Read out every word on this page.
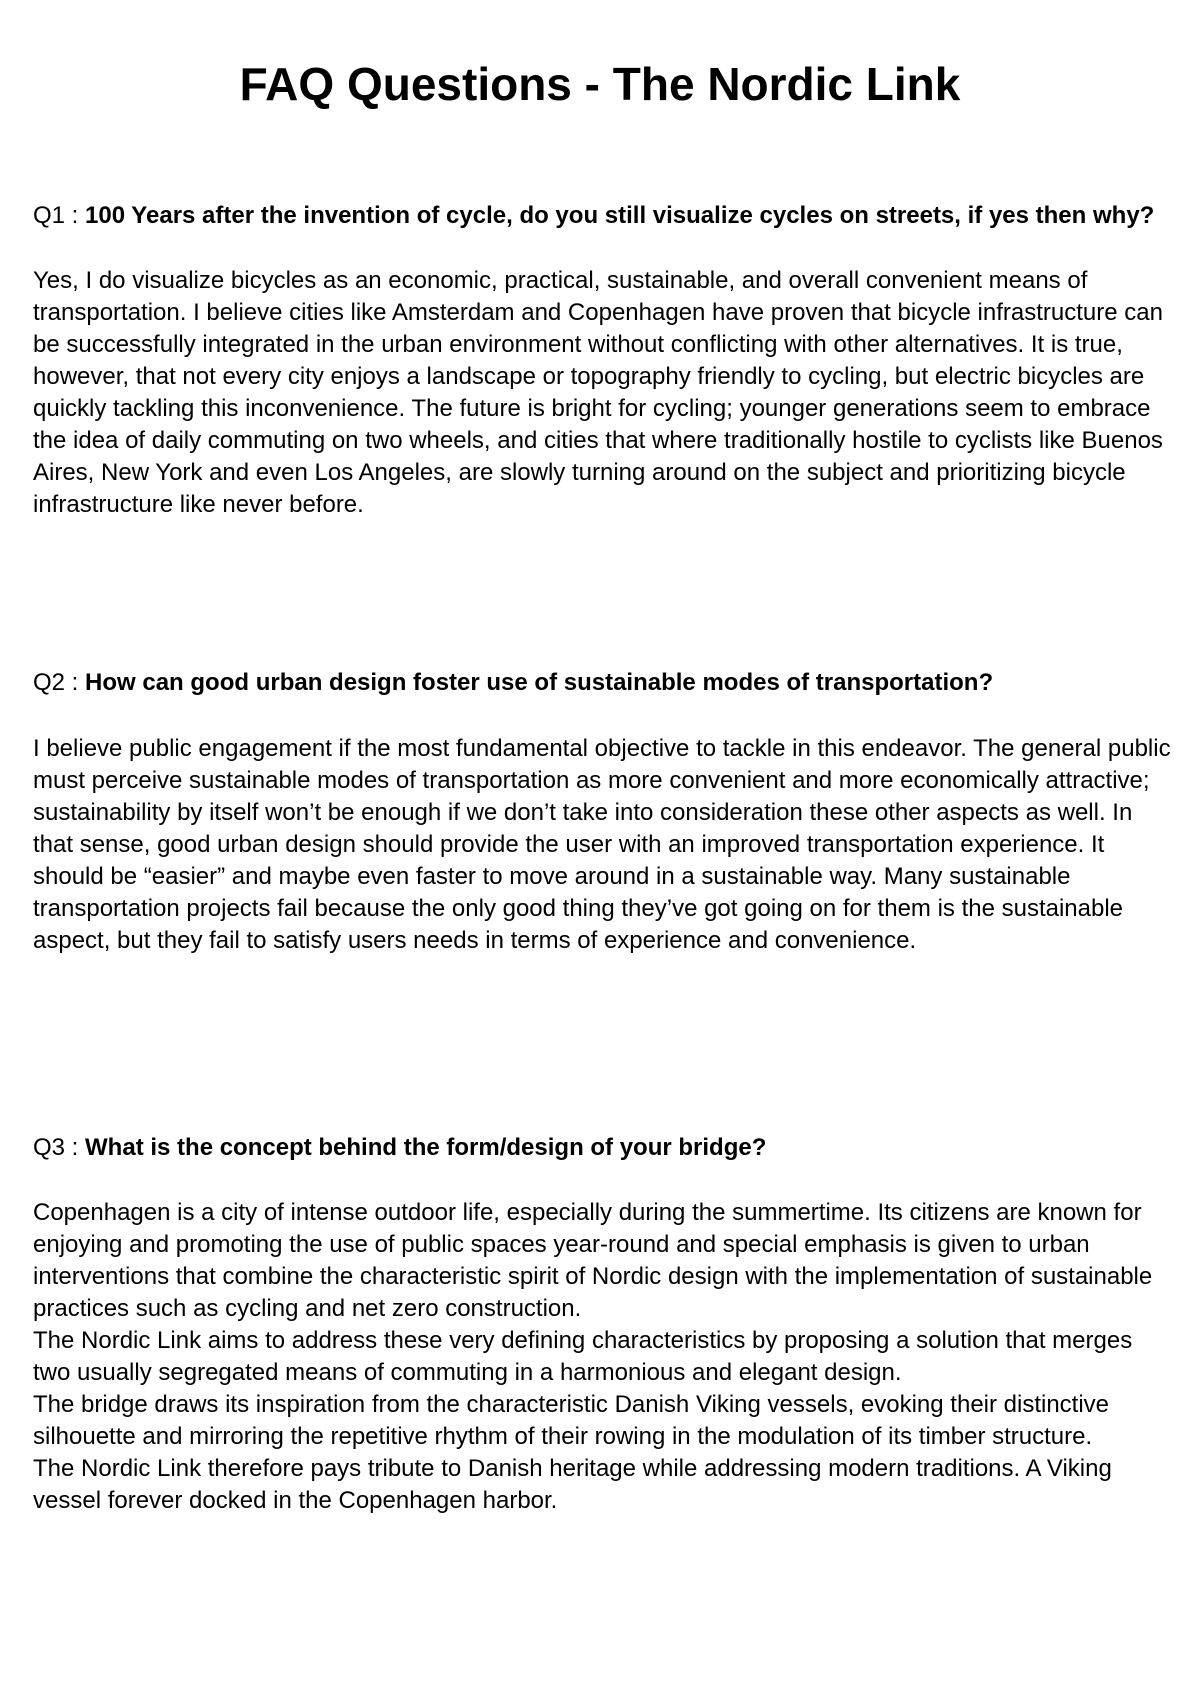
FAQ Questions - The Nordic Link

Q1 : 100 Years after the invention of cycle, do you still visualize cycles on streets, if yes then why?

Yes, I do visualize bicycles as an economic, practical, sustainable, and overall convenient means of transportation. I believe cities like Amsterdam and Copenhagen have proven that bicycle infrastructure can be successfully integrated in the urban environment without conflicting with other alternatives. It is true, however, that not every city enjoys a landscape or topography friendly to cycling, but electric bicycles are quickly tackling this inconvenience. The future is bright for cycling; younger generations seem to embrace the idea of daily commuting on two wheels, and cities that where traditionally hostile to cyclists like Buenos Aires, New York and even Los Angeles, are slowly turning around on the subject and prioritizing bicycle infrastructure like never before.

Q2 : How can good urban design foster use of sustainable modes of transportation?

I believe public engagement if the most fundamental objective to tackle in this endeavor. The general public must perceive sustainable modes of transportation as more convenient and more economically attractive; sustainability by itself won’t be enough if we don’t take into consideration these other aspects as well. In that sense, good urban design should provide the user with an improved transportation experience. It should be “easier” and maybe even faster to move around in a sustainable way. Many sustainable transportation projects fail because the only good thing they’ve got going on for them is the sustainable aspect, but they fail to satisfy users needs in terms of experience and convenience.

Q3 : What is the concept behind the form/design of your bridge?

Copenhagen is a city of intense outdoor life, especially during the summertime. Its citizens are known for enjoying and promoting the use of public spaces year-round and special emphasis is given to urban interventions that combine the characteristic spirit of Nordic design with the implementation of sustainable practices such as cycling and net zero construction.
The Nordic Link aims to address these very defining characteristics by proposing a solution that merges two usually segregated means of commuting in a harmonious and elegant design.
The bridge draws its inspiration from the characteristic Danish Viking vessels, evoking their distinctive silhouette and mirroring the repetitive rhythm of their rowing in the modulation of its timber structure.
The Nordic Link therefore pays tribute to Danish heritage while addressing modern traditions. A Viking vessel forever docked in the Copenhagen harbor.
